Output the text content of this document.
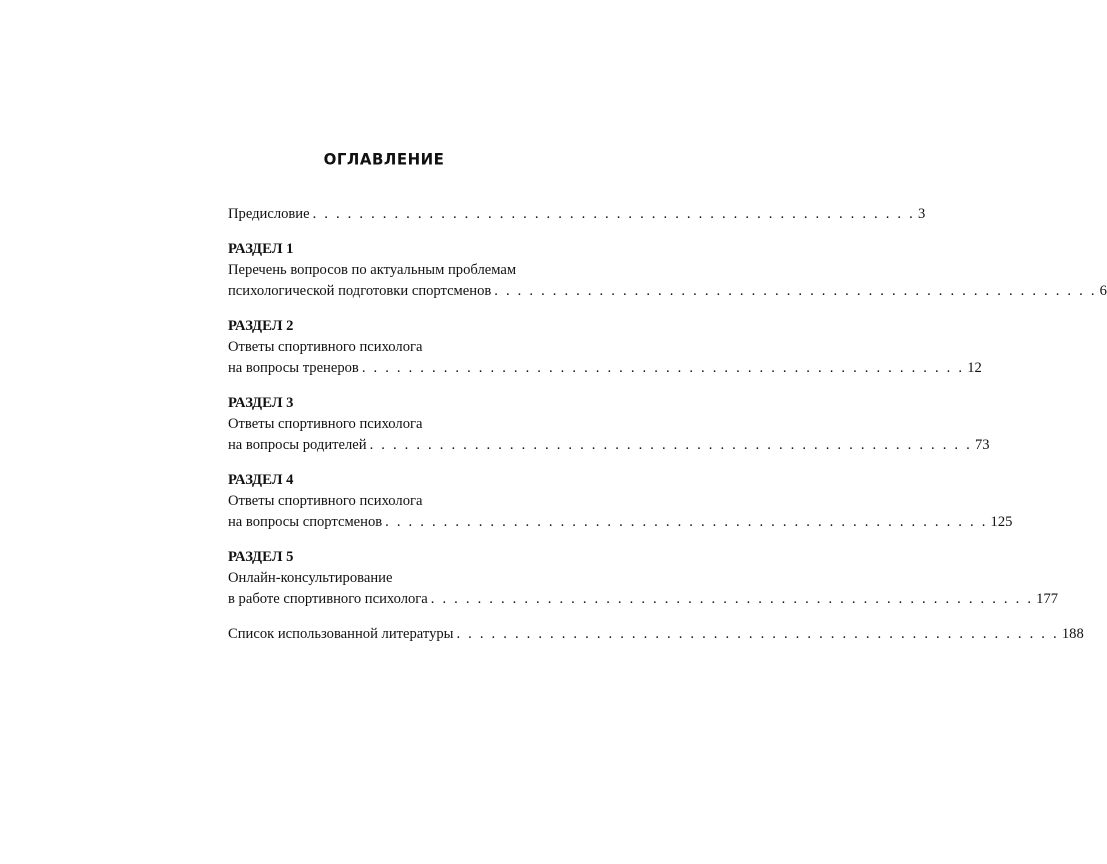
ОГЛАВЛЕНИЕ
Предисловие . . . . . . . . . . . . . . . . . . . . . . . . . . . . . . . . . . . . . . . . . . . . . . . . . . . . 3
РАЗДЕЛ 1
Перечень вопросов по актуальным проблемам
психологической подготовки спортсменов . . . . . . . . . . . . . . . . . . . . . . . . . . . . . . . . . . . . . . . . . . . . . . . . . . . . 6
РАЗДЕЛ 2
Ответы спортивного психолога
на вопросы тренеров . . . . . . . . . . . . . . . . . . . . . . . . . . . . . . . . . . . . . . . . . . . . . . . . . . . . 12
РАЗДЕЛ 3
Ответы спортивного психолога
на вопросы родителей . . . . . . . . . . . . . . . . . . . . . . . . . . . . . . . . . . . . . . . . . . . . . . . . . . . . 73
РАЗДЕЛ 4
Ответы спортивного психолога
на вопросы спортсменов . . . . . . . . . . . . . . . . . . . . . . . . . . . . . . . . . . . . . . . . . . . . . . . . . . . . 125
РАЗДЕЛ 5
Онлайн-консультирование
в работе спортивного психолога . . . . . . . . . . . . . . . . . . . . . . . . . . . . . . . . . . . . . . . . . . . . . . . . . . . . 177
Список использованной литературы . . . . . . . . . . . . . . . . . . . . . . . . . . . . . . . . . . . . . . . . . . . . . . . . . . . . 188
